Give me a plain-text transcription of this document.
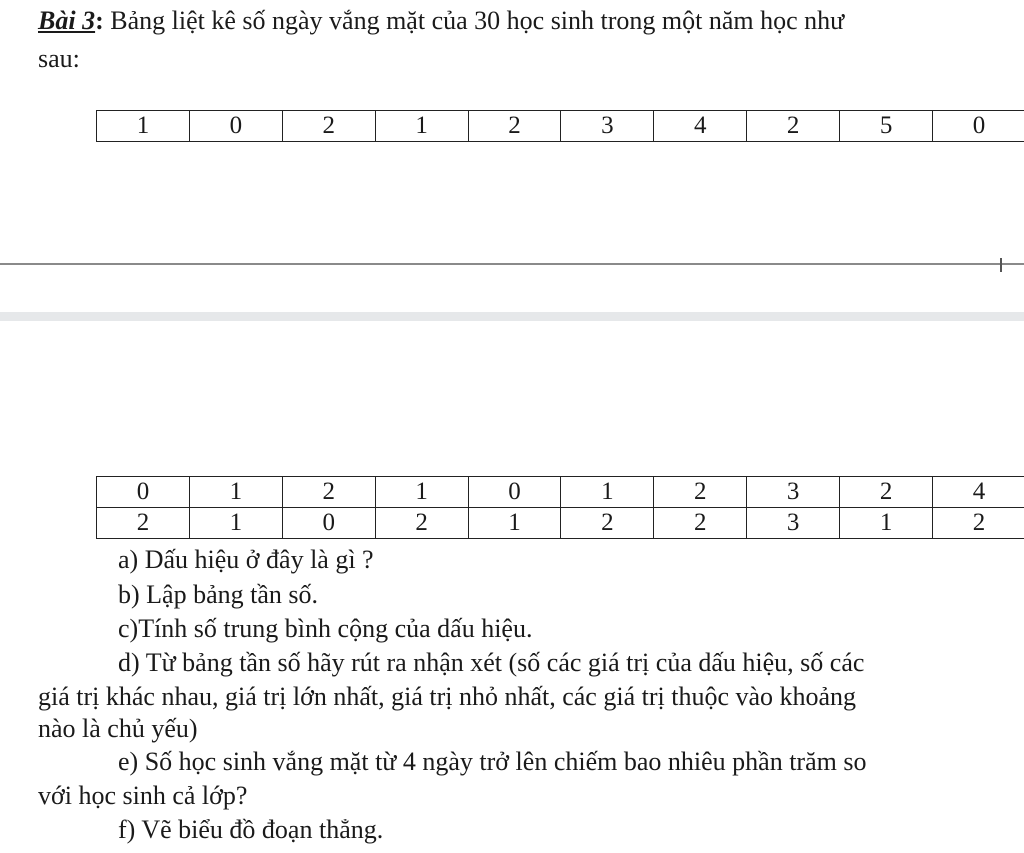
Bài 3: Bảng liệt kê số ngày vắng mặt của 30 học sinh trong một năm học như
sau:
1	0	2	1	2	3	4	2	5	0
0	1	2	1	0	1	2	3	2	4
2	1	0	2	1	2	2	3	1	2
a) Dấu hiệu ở đây là gì ?
b) Lập bảng tần số.
c)Tính số trung bình cộng của dấu hiệu.
d) Từ bảng tần số hãy rút ra nhận xét (số các giá trị của dấu hiệu, số các
giá trị khác nhau, giá trị lớn nhất, giá trị nhỏ nhất, các giá trị thuộc vào khoảng
nào là chủ yếu)
e) Số học sinh vắng mặt từ 4 ngày trở lên chiếm bao nhiêu phần trăm so
với học sinh cả lớp?
f) Vẽ biểu đồ đoạn thẳng.
